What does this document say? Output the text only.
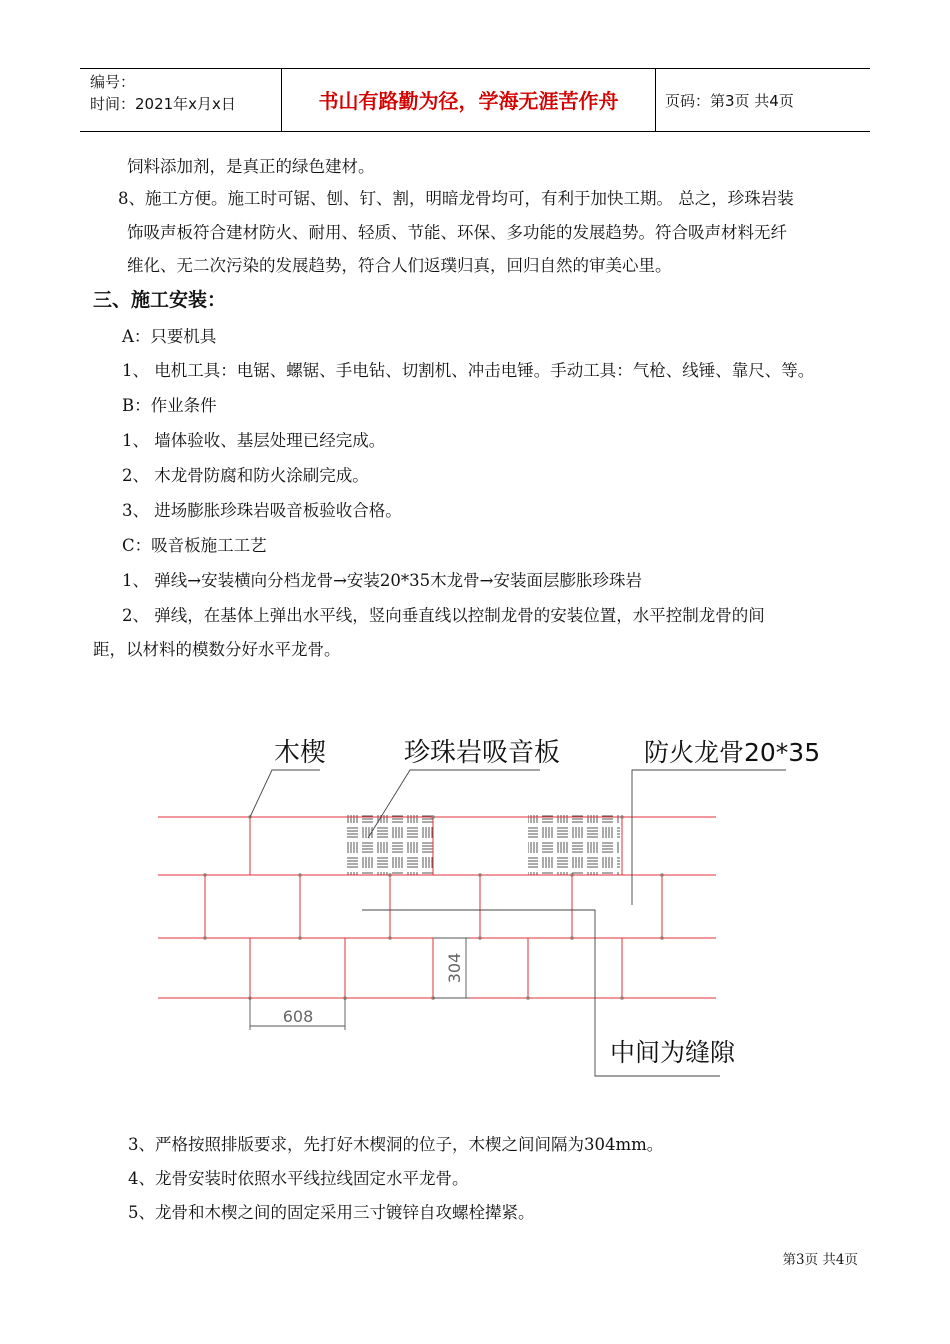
编号：
时间：2021年x月x日	书山有路勤为径，学海无涯苦作舟	页码：第3页 共4页
饲料添加剂，是真正的绿色建材。
8、施工方便。施工时可锯、刨、钉、割，明暗龙骨均可，有利于加快工期。 总之，珍珠岩装
饰吸声板符合建材防火、耐用、轻质、节能、环保、多功能的发展趋势。符合吸声材料无纤
维化、无二次污染的发展趋势，符合人们返璞归真，回归自然的审美心里。
三、施工安装：
A：只要机具
1、 电机工具：电锯、螺锯、手电钻、切割机、冲击电锤。手动工具：气枪、线锤、靠尺、等。
B：作业条件
1、 墙体验收、基层处理已经完成。
2、 木龙骨防腐和防火涂刷完成。
3、 进场膨胀珍珠岩吸音板验收合格。
C：吸音板施工工艺
1、 弹线→安装横向分档龙骨→安装20*35木龙骨→安装面层膨胀珍珠岩
2、 弹线，在基体上弹出水平线，竖向垂直线以控制龙骨的安装位置，水平控制龙骨的间
距，以材料的模数分好水平龙骨。
608
304
木楔	珍珠岩吸音板	防火龙骨20*35
中间为缝隙
3、严格按照排版要求，先打好木楔洞的位子，木楔之间间隔为304mm。
4、龙骨安装时依照水平线拉线固定水平龙骨。
5、龙骨和木楔之间的固定采用三寸镀锌自攻螺栓撵紧。
第3页 共4页
